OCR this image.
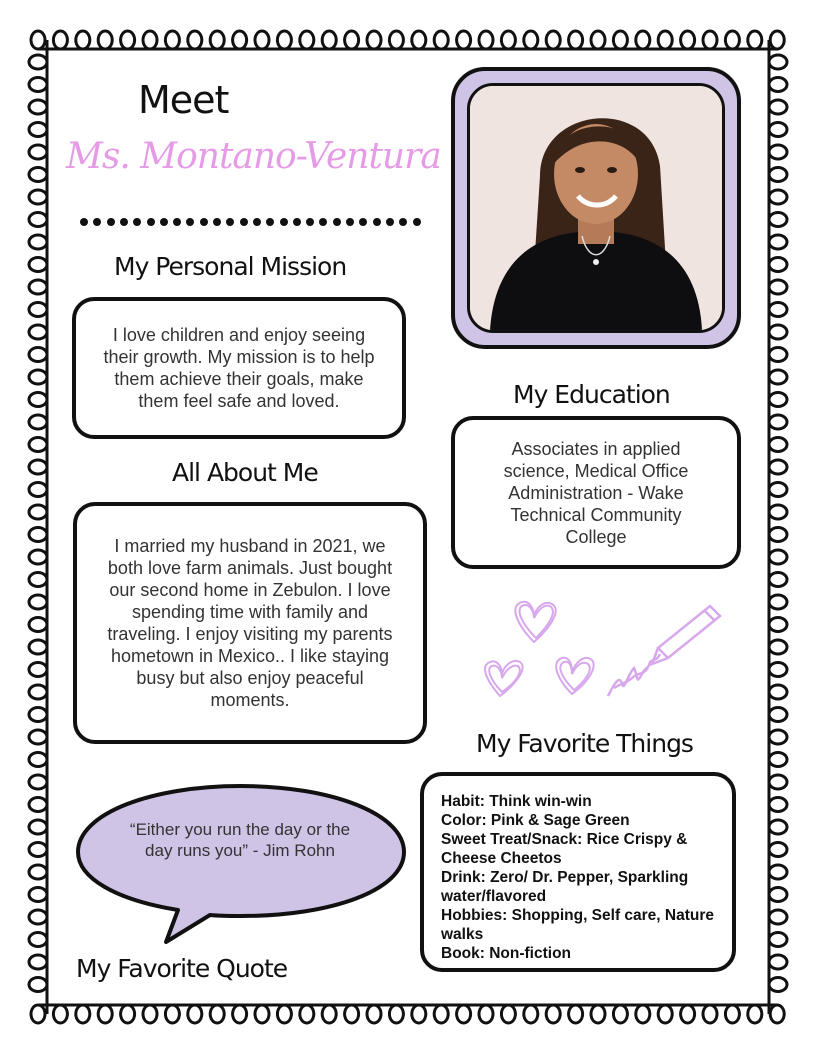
Meet
Ms. Montano-Ventura
My Personal Mission
I love children and enjoy seeing their growth. My mission is to help them achieve their goals, make them feel safe and loved.	My Education
Associates in applied science, Medical Office Administration - Wake Technical Community College
All About Me
I married my husband in 2021, we both love farm animals. Just bought our second home in Zebulon. I love spending time with family and traveling. I enjoy visiting my parents hometown in Mexico.. I like staying busy but also enjoy peaceful moments.
My Favorite Things
Habit: Think win-win
Color: Pink & Sage Green
Sweet Treat/Snack: Rice Crispy & Cheese Cheetos
Drink: Zero/ Dr. Pepper, Sparkling water/flavored
Hobbies: Shopping, Self care, Nature walks
Book: Non-fiction
“Either you run the day or the day runs you” - Jim Rohn
My Favorite Quote
